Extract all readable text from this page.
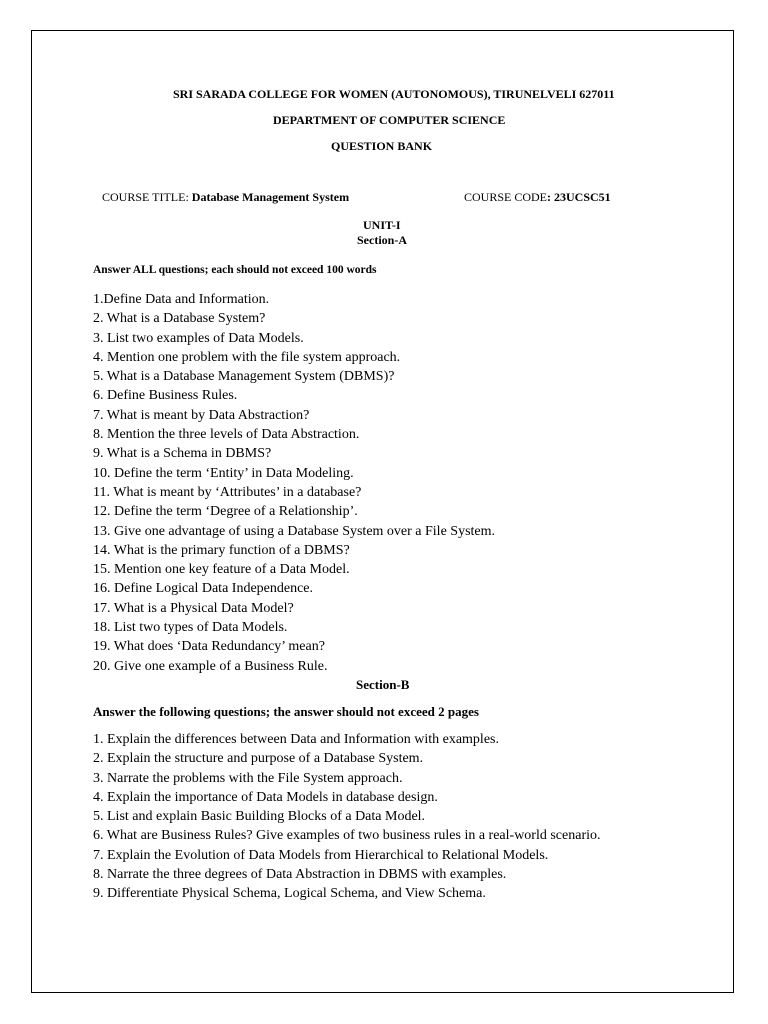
SRI SARADA COLLEGE FOR WOMEN (AUTONOMOUS), TIRUNELVELI 627011
DEPARTMENT OF COMPUTER SCIENCE
QUESTION BANK
COURSE TITLE: Database Management System	COURSE CODE: 23UCSC51
UNIT-I
Section-A
Answer ALL questions; each should not exceed 100 words
1.Define Data and Information.
2. What is a Database System?
3. List two examples of Data Models.
4. Mention one problem with the file system approach.
5. What is a Database Management System (DBMS)?
6. Define Business Rules.
7. What is meant by Data Abstraction?
8. Mention the three levels of Data Abstraction.
9. What is a Schema in DBMS?
10. Define the term ‘Entity’ in Data Modeling.
11. What is meant by ‘Attributes’ in a database?
12. Define the term ‘Degree of a Relationship’.
13. Give one advantage of using a Database System over a File System.
14. What is the primary function of a DBMS?
15. Mention one key feature of a Data Model.
16. Define Logical Data Independence.
17. What is a Physical Data Model?
18. List two types of Data Models.
19. What does ‘Data Redundancy’ mean?
20. Give one example of a Business Rule.
Section-B
Answer the following questions; the answer should not exceed 2 pages
1. Explain the differences between Data and Information with examples.
2. Explain the structure and purpose of a Database System.
3. Narrate the problems with the File System approach.
4. Explain the importance of Data Models in database design.
5. List and explain Basic Building Blocks of a Data Model.
6. What are Business Rules? Give examples of two business rules in a real-world scenario.
7. Explain the Evolution of Data Models from Hierarchical to Relational Models.
8. Narrate the three degrees of Data Abstraction in DBMS with examples.
9. Differentiate Physical Schema, Logical Schema, and View Schema.
